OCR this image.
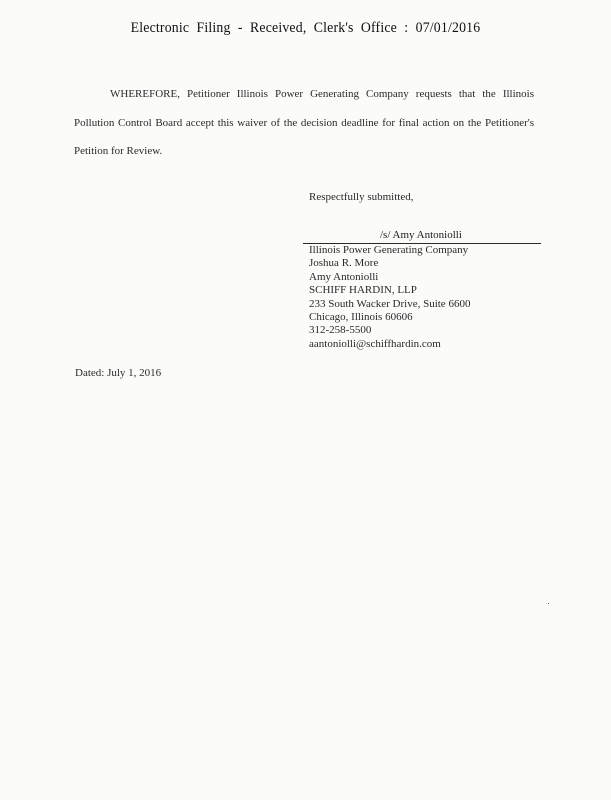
Electronic Filing - Received, Clerk's Office : 07/01/2016

WHEREFORE, Petitioner Illinois Power Generating Company requests that the Illinois Pollution Control Board accept this waiver of the decision deadline for final action on the Petitioner's Petition for Review.

Respectfully submitted,
/s/ Amy Antoniolli
Illinois Power Generating Company
Joshua R. More
Amy Antoniolli
SCHIFF HARDIN, LLP
233 South Wacker Drive, Suite 6600
Chicago, Illinois 60606
312-258-5500
aantoniolli@schiffhardin.com
Dated: July 1, 2016
